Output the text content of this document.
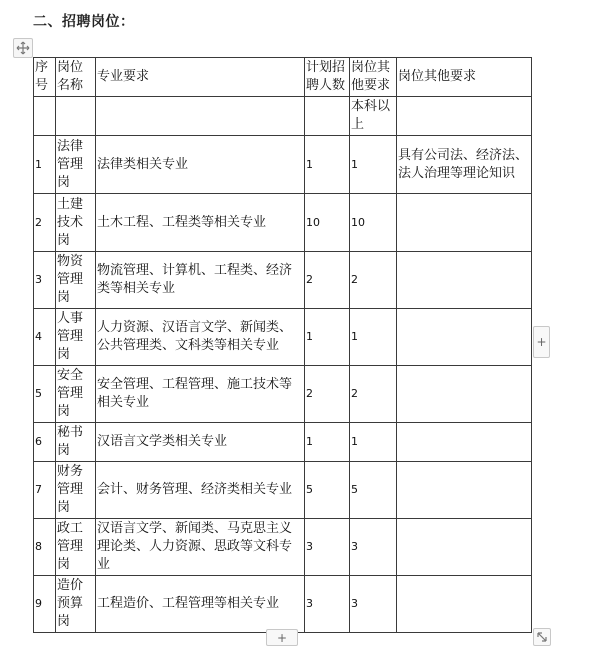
二、招聘岗位：
序号	岗位名称	专业要求	计划招聘人数	岗位其他要求	岗位其他要求
				本科以上	
1	法律管理岗	法律类相关专业	1	1	具有公司法、经济法、法人治理等理论知识
2	土建技术岗	土木工程、工程类等相关专业	10	10	
3	物资管理岗	物流管理、计算机、工程类、经济类等相关专业	2	2	
4	人事管理岗	人力资源、汉语言文学、新闻类、公共管理类、文科类等相关专业	1	1	
5	安全管理岗	安全管理、工程管理、施工技术等相关专业	2	2	
6	秘书岗	汉语言文学类相关专业	1	1	
7	财务管理岗	会计、财务管理、经济类相关专业	5	5	
8	政工管理岗	汉语言文学、新闻类、马克思主义理论类、人力资源、思政等文科专业	3	3	
9	造价预算岗	工程造价、工程管理等相关专业	3	3	
+
+
